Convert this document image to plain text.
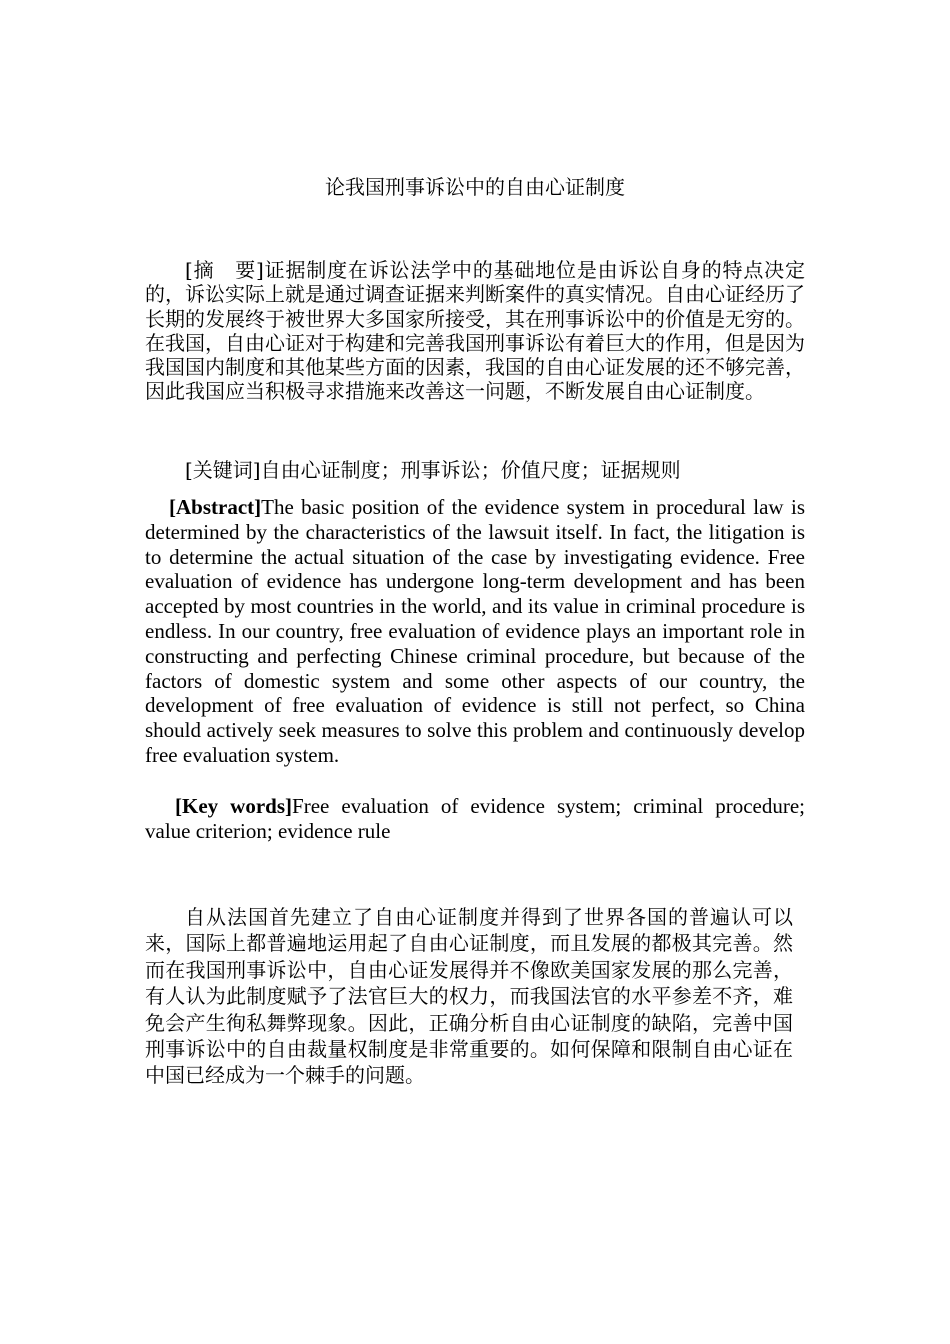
论我国刑事诉讼中的自由心证制度

[摘　要]证据制度在诉讼法学中的基础地位是由诉讼自身的特点决定的，诉讼实际上就是通过调查证据来判断案件的真实情况。自由心证经历了长期的发展终于被世界大多国家所接受，其在刑事诉讼中的价值是无穷的。在我国，自由心证对于构建和完善我国刑事诉讼有着巨大的作用，但是因为我国国内制度和其他某些方面的因素，我国的自由心证发展的还不够完善，因此我国应当积极寻求措施来改善这一问题，不断发展自由心证制度。

[关键词]自由心证制度；刑事诉讼；价值尺度；证据规则

[Abstract]The basic position of the evidence system in procedural law is determined by the characteristics of the lawsuit itself. In fact, the litigation is to determine the actual situation of the case by investigating evidence. Free evaluation of evidence has undergone long-term development and has been accepted by most countries in the world, and its value in criminal procedure is endless. In our country, free evaluation of evidence plays an important role in constructing and perfecting Chinese criminal procedure, but because of the factors of domestic system and some other aspects of our country, the development of free evaluation of evidence is still not perfect, so China should actively seek measures to solve this problem and continuously develop free evaluation system.

[Key words]Free evaluation of evidence system; criminal procedure; value criterion; evidence rule

自从法国首先建立了自由心证制度并得到了世界各国的普遍认可以来，国际上都普遍地运用起了自由心证制度，而且发展的都极其完善。然而在我国刑事诉讼中，自由心证发展得并不像欧美国家发展的那么完善，有人认为此制度赋予了法官巨大的权力，而我国法官的水平参差不齐，难免会产生徇私舞弊现象。因此，正确分析自由心证制度的缺陷，完善中国刑事诉讼中的自由裁量权制度是非常重要的。如何保障和限制自由心证在中国已经成为一个棘手的问题。
